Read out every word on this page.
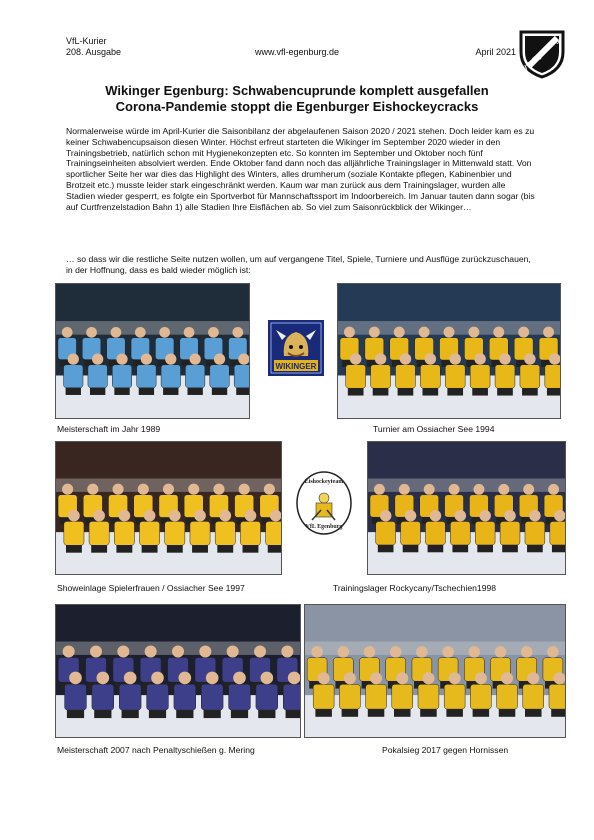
VfL-Kurier
208. Ausgabe	www.vfl-egenburg.de	April 2021 VfL Egenburg
Wikinger Egenburg: Schwabencuprunde komplett ausgefallen
Corona-Pandemie stoppt die Egenburger Eishockeycracks

Normalerweise würde im April-Kurier die Saisonbilanz der abgelaufenen Saison 2020 / 2021 stehen. Doch leider kam es zu keiner Schwabencupsaison diesen Winter. Höchst erfreut starteten die Wikinger im September 2020 wieder in den Trainingsbetrieb, natürlich schon mit Hygienekonzepten etc. So konnten im September und Oktober noch fünf Trainingseinheiten absolviert werden. Ende Oktober fand dann noch das alljährliche Trainingslager in Mittenwald statt. Von sportlicher Seite her war dies das Highlight des Winters, alles drumherum (soziale Kontakte pflegen, Kabinenbier und Brotzeit etc.) musste leider stark eingeschränkt werden. Kaum war man zurück aus dem Trainingslager, wurden alle Stadien wieder gesperrt, es folgte ein Sportverbot für Mannschaftssport im Indoorbereich. Im Januar tauten dann sogar (bis auf Curtfrenzelstadion Bahn 1) alle Stadien Ihre Eisflächen ab. So viel zum Saisonrückblick der Wikinger…

… so dass wir die restliche Seite nutzen wollen, um auf vergangene Titel, Spiele, Turniere und Ausflüge zurückzuschauen, in der Hoffnung, dass es bald wieder möglich ist:

Meisterschaft im Jahr 1989	Turnier am Ossiacher See 1994
Showeinlage Spielerfrauen / Ossiacher See 1997	Trainingslager Rockycany/Tschechien1998
Meisterschaft 2007 nach Penaltyschießen g. Mering	Pokalsieg 2017 gegen Hornissen
WIKINGER
Eishockeyteam
VfL Egenburg
